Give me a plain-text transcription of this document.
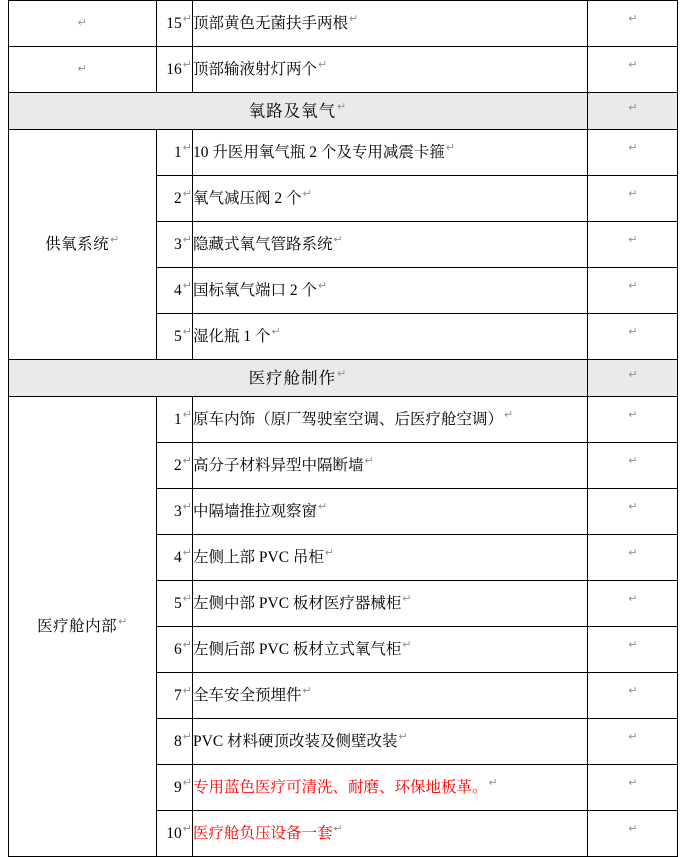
↵	15↵	顶部黄色无菌扶手两根↵	↵

↵	16↵	顶部输液射灯两个↵	↵
氧路及氧气↵			↵
供氧系统↵	1↵	10 升医用氧气瓶 2 个及专用减震卡箍↵	↵
	2↵	氧气减压阀 2 个↵	↵
	3↵	隐藏式氧气管路系统↵	↵
	4↵	国标氧气端口 2 个↵	↵
	5↵	湿化瓶 1 个↵	↵
医疗舱制作↵			↵
医疗舱内部↵	1↵	原车内饰（原厂驾驶室空调、后医疗舱空调）↵	↵
	2↵	高分子材料异型中隔断墙↵	↵
	3↵	中隔墙推拉观察窗↵	↵
	4↵	左侧上部 PVC 吊柜↵	↵
	5↵	左侧中部 PVC 板材医疗器械柜↵	↵
	6↵	左侧后部 PVC 板材立式氧气柜↵	↵
	7↵	全车安全预埋件↵	↵
	8↵	PVC 材料硬顶改装及侧壁改装↵	↵
	9↵	专用蓝色医疗可清洗、耐磨、环保地板革。↵	↵
	10↵	医疗舱负压设备一套↵	↵
